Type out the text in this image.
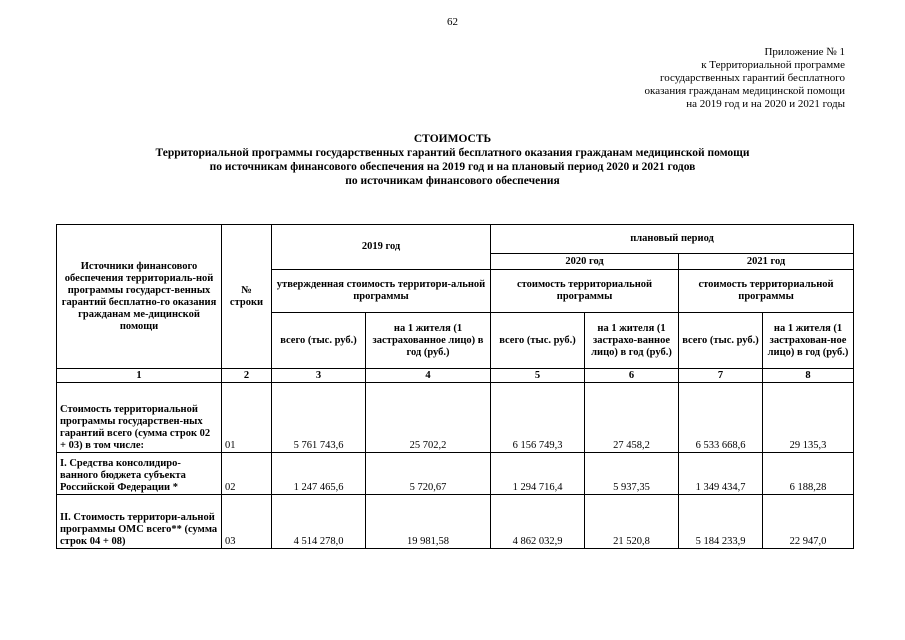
62
Приложение № 1
к Территориальной программе
государственных гарантий бесплатного
оказания гражданам медицинской помощи
на 2019 год и на 2020 и 2021 годы
СТОИМОСТЬ
Территориальной программы государственных гарантий бесплатного оказания гражданам медицинской помощи
по источникам финансового обеспечения на 2019 год и на плановый период 2020 и 2021 годов
по источникам финансового обеспечения
Источники финансового обеспечения территориаль-ной программы государст-венных гарантий бесплатно-го оказания гражданам ме-дицинской помощи	№ строки	2019 год		плановый период			
				2020 год		2021 год	
		утвержденная стоимость территори-альной программы		стоимость территориальной программы		стоимость территориальной программы	
		всего (тыс. руб.)	на 1 жителя (1 застрахованное лицо) в год (руб.)	всего (тыс. руб.)	на 1 жителя (1 застрахо-ванное лицо) в год (руб.)	всего (тыс. руб.)	на 1 жителя (1 застрахован-ное лицо) в год (руб.)
1	2	3	4	5	6	7	8
Стоимость территориальной программы государствен-ных гарантий всего (сумма строк 02 + 03) в том числе:	01	5 761 743,6	25 702,2	6 156 749,3	27 458,2	6 533 668,6	29 135,3
I. Средства консолидиро-ванного бюджета субъекта Российской Федерации *	02	1 247 465,6	5 720,67	1 294 716,4	5 937,35	1 349 434,7	6 188,28
II. Стоимость территори-альной программы ОМС всего** (сумма строк 04 + 08)	03	4 514 278,0	19 981,58	4 862 032,9	21 520,8	5 184 233,9	22 947,0
